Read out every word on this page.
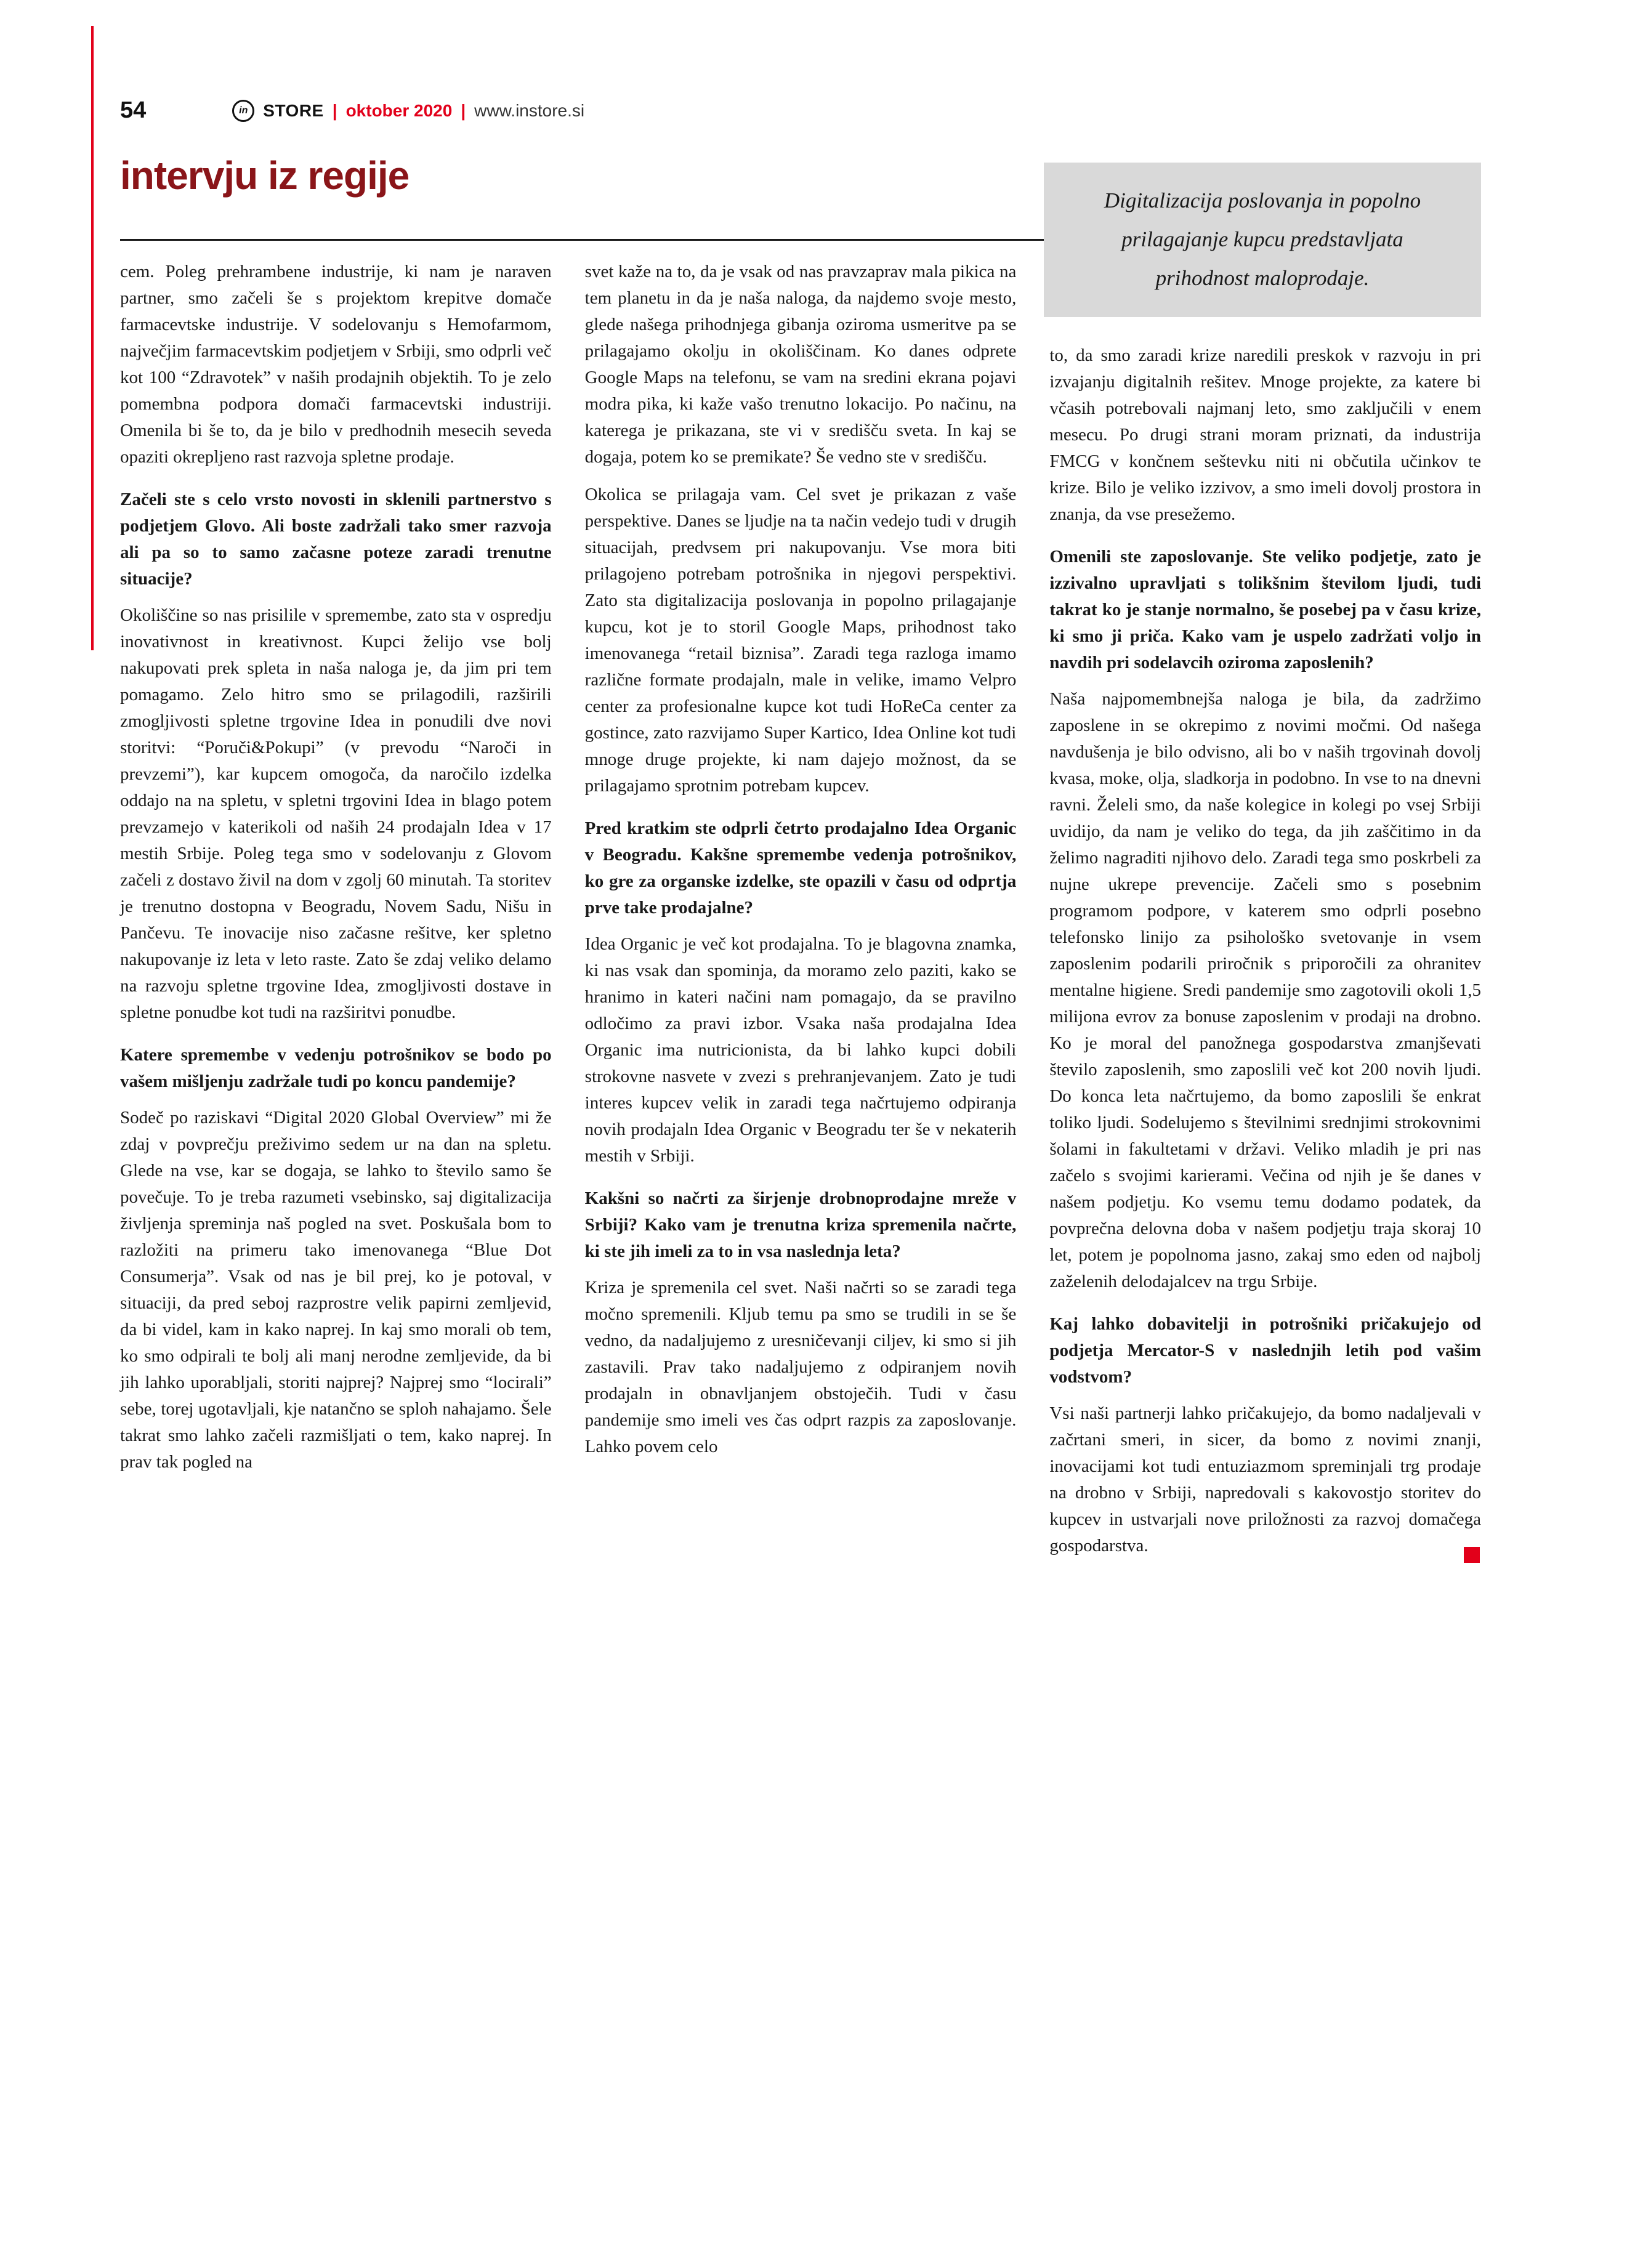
54	in STORE | oktober 2020 | www.instore.si
intervju iz regije
Digitalizacija poslovanja in popolno
prilagajanje kupcu predstavljata
prihodnost maloprodaje.

cem. Poleg prehrambene industrije, ki nam je naraven partner, smo začeli še s projektom krepitve domače farmacevtske industrije. V sodelovanju s Hemofarmom, največjim farmacevtskim podjetjem v Srbiji, smo odprli več kot 100 “Zdravotek” v naših prodajnih objektih. To je zelo pomembna podpora domači farmacevtski industriji. Omenila bi še to, da je bilo v predhodnih mesecih seveda opaziti okrepljeno rast razvoja spletne prodaje.

Začeli ste s celo vrsto novosti in sklenili partnerstvo s podjetjem Glovo. Ali boste zadržali tako smer razvoja ali pa so to samo začasne poteze zaradi trenutne situacije?

Okoliščine so nas prisilile v spremembe, zato sta v ospredju inovativnost in kreativnost. Kupci želijo vse bolj nakupovati prek spleta in naša naloga je, da jim pri tem pomagamo. Zelo hitro smo se prilagodili, razširili zmogljivosti spletne trgovine Idea in ponudili dve novi storitvi: “Poruči&Pokupi” (v prevodu “Naroči in prevzemi”), kar kupcem omogoča, da naročilo izdelka oddajo na na spletu, v spletni trgovini Idea in blago potem prevzamejo v katerikoli od naših 24 prodajaln Idea v 17 mestih Srbije. Poleg tega smo v sodelovanju z Glovom začeli z dostavo živil na dom v zgolj 60 minutah. Ta storitev je trenutno dostopna v Beogradu, Novem Sadu, Nišu in Pančevu. Te inovacije niso začasne rešitve, ker spletno nakupovanje iz leta v leto raste. Zato še zdaj veliko delamo na razvoju spletne trgovine Idea, zmogljivosti dostave in spletne ponudbe kot tudi na razširitvi ponudbe.

Katere spremembe v vedenju potrošnikov se bodo po vašem mišljenju zadržale tudi po koncu pandemije?

Sodeč po raziskavi “Digital 2020 Global Overview” mi že zdaj v povprečju preživimo sedem ur na dan na spletu. Glede na vse, kar se dogaja, se lahko to število samo še povečuje. To je treba razumeti vsebinsko, saj digitalizacija življenja spreminja naš pogled na svet. Poskušala bom to razložiti na primeru tako imenovanega “Blue Dot Consumerja”. Vsak od nas je bil prej, ko je potoval, v situaciji, da pred seboj razprostre velik papirni zemljevid, da bi videl, kam in kako naprej. In kaj smo morali ob tem, ko smo odpirali te bolj ali manj nerodne zemljevide, da bi jih lahko uporabljali, storiti najprej? Najprej smo “locirali” sebe, torej ugotavljali, kje natančno se sploh nahajamo. Šele takrat smo lahko začeli razmišljati o tem, kako naprej. In prav tak pogled na

svet kaže na to, da je vsak od nas pravzaprav mala pikica na tem planetu in da je naša naloga, da najdemo svoje mesto, glede našega prihodnjega gibanja oziroma usmeritve pa se prilagajamo okolju in okoliščinam. Ko danes odprete Google Maps na telefonu, se vam na sredini ekrana pojavi modra pika, ki kaže vašo trenutno lokacijo. Po načinu, na katerega je prikazana, ste vi v središču sveta. In kaj se dogaja, potem ko se premikate? Še vedno ste v središču.

Okolica se prilagaja vam. Cel svet je prikazan z vaše perspektive. Danes se ljudje na ta način vedejo tudi v drugih situacijah, predvsem pri nakupovanju. Vse mora biti prilagojeno potrebam potrošnika in njegovi perspektivi. Zato sta digitalizacija poslovanja in popolno prilagajanje kupcu, kot je to storil Google Maps, prihodnost tako imenovanega “retail biznisa”. Zaradi tega razloga imamo različne formate prodajaln, male in velike, imamo Velpro center za profesionalne kupce kot tudi HoReCa center za gostince, zato razvijamo Super Kartico, Idea Online kot tudi mnoge druge projekte, ki nam dajejo možnost, da se prilagajamo sprotnim potrebam kupcev.

Pred kratkim ste odprli četrto prodajalno Idea Organic v Beogradu. Kakšne spremembe vedenja potrošnikov, ko gre za organske izdelke, ste opazili v času od odprtja prve take prodajalne?

Idea Organic je več kot prodajalna. To je blagovna znamka, ki nas vsak dan spominja, da moramo zelo paziti, kako se hranimo in kateri načini nam pomagajo, da se pravilno odločimo za pravi izbor. Vsaka naša prodajalna Idea Organic ima nutricionista, da bi lahko kupci dobili strokovne nasvete v zvezi s prehranjevanjem. Zato je tudi interes kupcev velik in zaradi tega načrtujemo odpiranja novih prodajaln Idea Organic v Beogradu ter še v nekaterih mestih v Srbiji.

Kakšni so načrti za širjenje drobnoprodajne mreže v Srbiji? Kako vam je trenutna kriza spremenila načrte, ki ste jih imeli za to in vsa naslednja leta?

Kriza je spremenila cel svet. Naši načrti so se zaradi tega močno spremenili. Kljub temu pa smo se trudili in se še vedno, da nadaljujemo z uresničevanji ciljev, ki smo si jih zastavili. Prav tako nadaljujemo z odpiranjem novih prodajaln in obnavljanjem obstoječih. Tudi v času pandemije smo imeli ves čas odprt razpis za zaposlovanje. Lahko povem celo

to, da smo zaradi krize naredili preskok v razvoju in pri izvajanju digitalnih rešitev. Mnoge projekte, za katere bi včasih potrebovali najmanj leto, smo zaključili v enem mesecu. Po drugi strani moram priznati, da industrija FMCG v končnem seštevku niti ni občutila učinkov te krize. Bilo je veliko izzivov, a smo imeli dovolj prostora in znanja, da vse presežemo.

Omenili ste zaposlovanje. Ste veliko podjetje, zato je izzivalno upravljati s tolikšnim številom ljudi, tudi takrat ko je stanje normalno, še posebej pa v času krize, ki smo ji priča. Kako vam je uspelo zadržati voljo in navdih pri sodelavcih oziroma zaposlenih?

Naša najpomembnejša naloga je bila, da zadržimo zaposlene in se okrepimo z novimi močmi. Od našega navdušenja je bilo odvisno, ali bo v naših trgovinah dovolj kvasa, moke, olja, sladkorja in podobno. In vse to na dnevni ravni. Želeli smo, da naše kolegice in kolegi po vsej Srbiji uvidijo, da nam je veliko do tega, da jih zaščitimo in da želimo nagraditi njihovo delo. Zaradi tega smo poskrbeli za nujne ukrepe prevencije. Začeli smo s posebnim programom podpore, v katerem smo odprli posebno telefonsko linijo za psihološko svetovanje in vsem zaposlenim podarili priročnik s priporočili za ohranitev mentalne higiene. Sredi pandemije smo zagotovili okoli 1,5 milijona evrov za bonuse zaposlenim v prodaji na drobno. Ko je moral del panožnega gospodarstva zmanjševati število zaposlenih, smo zaposlili več kot 200 novih ljudi. Do konca leta načrtujemo, da bomo zaposlili še enkrat toliko ljudi. Sodelujemo s številnimi srednjimi strokovnimi šolami in fakultetami v državi. Veliko mladih je pri nas začelo s svojimi karierami. Večina od njih je še danes v našem podjetju. Ko vsemu temu dodamo podatek, da povprečna delovna doba v našem podjetju traja skoraj 10 let, potem je popolnoma jasno, zakaj smo eden od najbolj zaželenih delodajalcev na trgu Srbije.

Kaj lahko dobavitelji in potrošniki pričakujejo od podjetja Mercator-S v naslednjih letih pod vašim vodstvom?

Vsi naši partnerji lahko pričakujejo, da bomo nadaljevali v začrtani smeri, in sicer, da bomo z novimi znanji, inovacijami kot tudi entuziazmom spreminjali trg prodaje na drobno v Srbiji, napredovali s kakovostjo storitev do kupcev in ustvarjali nove priložnosti za razvoj domačega gospodarstva.
